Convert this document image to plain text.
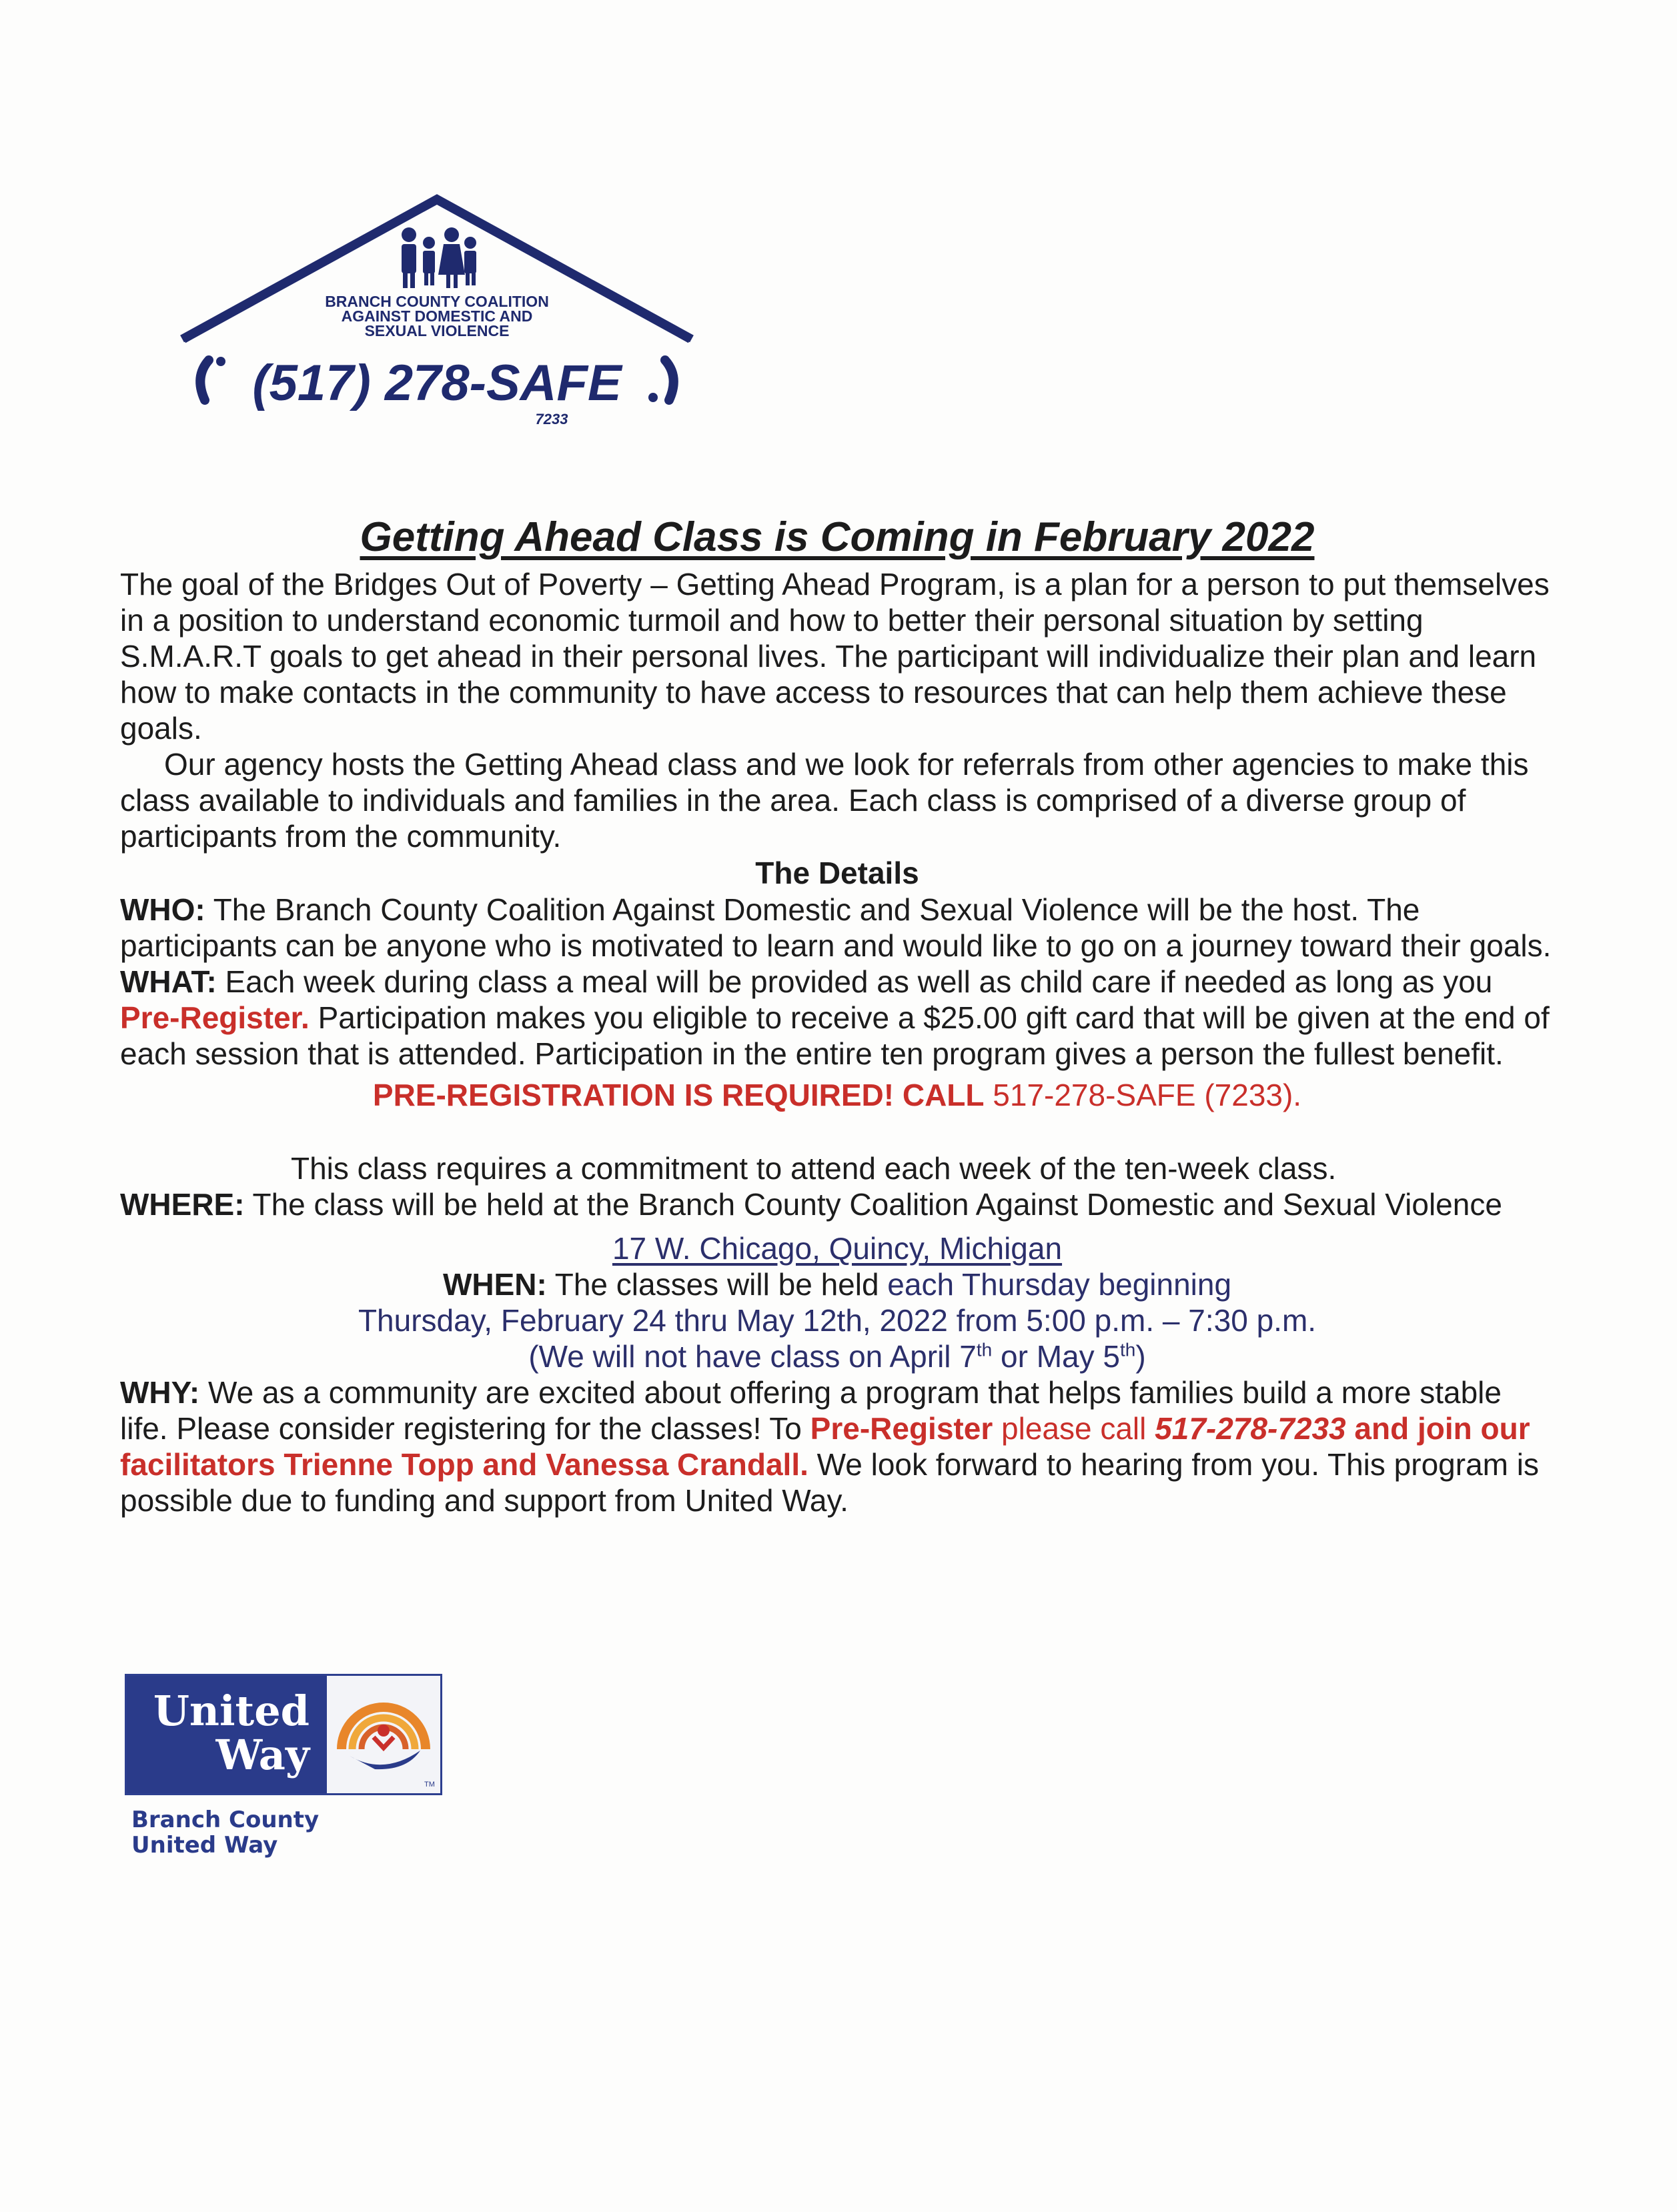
BRANCH COUNTY COALITION
AGAINST DOMESTIC AND
SEXUAL VIOLENCE
(517) 278-SAFE
7233
Getting Ahead Class is Coming in February 2022

The goal of the Bridges Out of Poverty – Getting Ahead Program, is a plan for a person to put themselves in a position to understand economic turmoil and how to better their personal situation by setting S.M.A.R.T goals to get ahead in their personal lives. The participant will individualize their plan and learn how to make contacts in the community to have access to resources that can help them achieve these goals.

Our agency hosts the Getting Ahead class and we look for referrals from other agencies to make this class available to individuals and families in the area. Each class is comprised of a diverse group of participants from the community.

The Details

WHO: The Branch County Coalition Against Domestic and Sexual Violence will be the host. The participants can be anyone who is motivated to learn and would like to go on a journey toward their goals.

WHAT: Each week during class a meal will be provided as well as child care if needed as long as you Pre-Register. Participation makes you eligible to receive a $25.00 gift card that will be given at the end of each session that is attended. Participation in the entire ten program gives a person the fullest benefit.

PRE-REGISTRATION IS REQUIRED! CALL 517-278-SAFE (7233).

This class requires a commitment to attend each week of the ten-week class.

WHERE: The class will be held at the Branch County Coalition Against Domestic and Sexual Violence

17 W. Chicago, Quincy, Michigan

WHEN: The classes will be held each Thursday beginning

Thursday, February 24 thru May 12th, 2022 from 5:00 p.m. – 7:30 p.m.

(We will not have class on April 7th or May 5th)

WHY: We as a community are excited about offering a program that helps families build a more stable life. Please consider registering for the classes! To Pre-Register please call 517-278-7233 and join our facilitators Trienne Topp and Vanessa Crandall. We look forward to hearing from you. This program is possible due to funding and support from United Way.

United
Way
TM
Branch County
United Way
